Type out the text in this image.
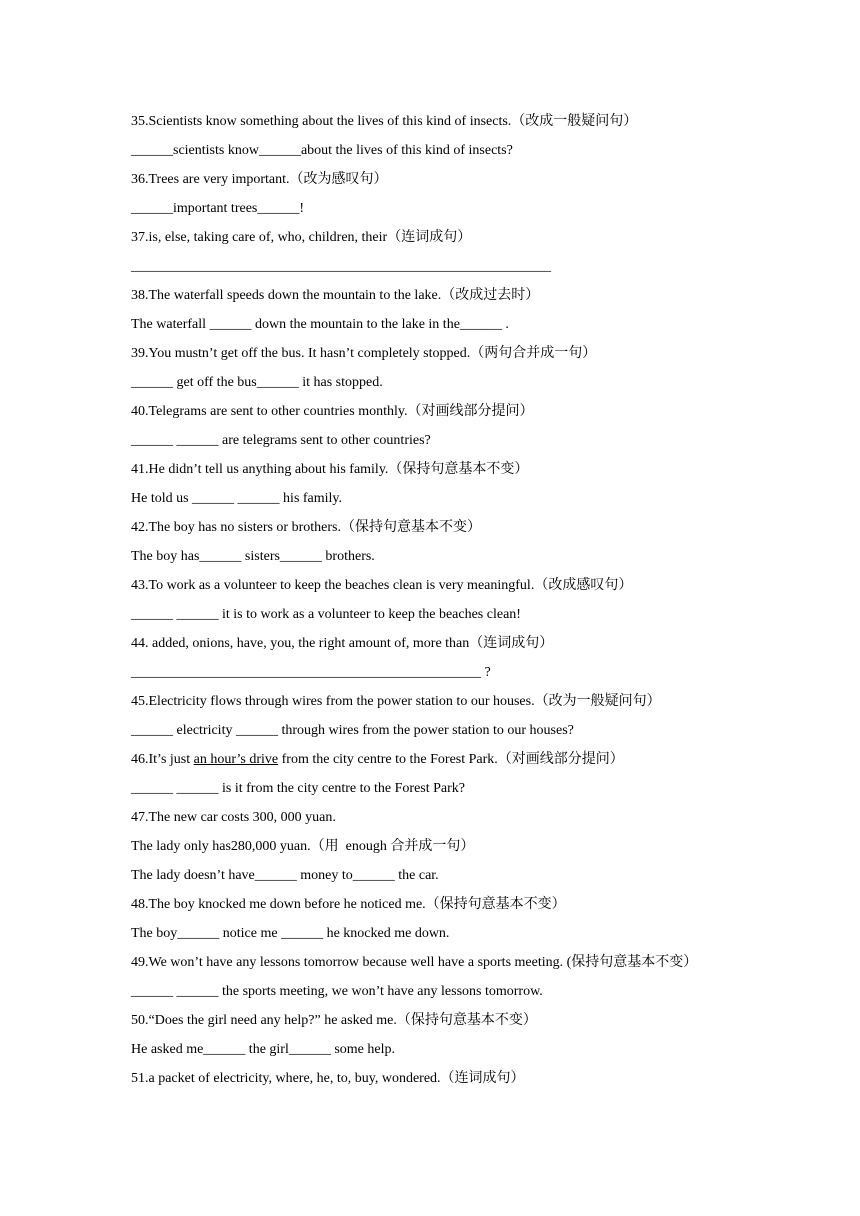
35.Scientists know something about the lives of this kind of insects.（改成一般疑问句）

______scientists know______about the lives of this kind of insects?

36.Trees are very important.（改为感叹句）

______important trees______!

37.is, else, taking care of, who, children, their（连词成句）

____________________________________________________________

38.The waterfall speeds down the mountain to the lake.（改成过去时）

The waterfall ______ down the mountain to the lake in the______ .

39.You mustn’t get off the bus. It hasn’t completely stopped.（两句合并成一句）

______ get off the bus______ it has stopped.

40.Telegrams are sent to other countries monthly.（对画线部分提问）

______ ______ are telegrams sent to other countries?

41.He didn’t tell us anything about his family.（保持句意基本不变）

He told us ______ ______ his family.

42.The boy has no sisters or brothers.（保持句意基本不变）

The boy has______ sisters______ brothers.

43.To work as a volunteer to keep the beaches clean is very meaningful.（改成感叹句）

______ ______ it is to work as a volunteer to keep the beaches clean!

44. added, onions, have, you, the right amount of, more than（连词成句）

__________________________________________________ ?

45.Electricity flows through wires from the power station to our houses.（改为一般疑问句）

______ electricity ______ through wires from the power station to our houses?

46.It’s just an hour’s drive from the city centre to the Forest Park.（对画线部分提问）

______ ______ is it from the city centre to the Forest Park?

47.The new car costs 300, 000 yuan.

The lady only has280,000 yuan.（用  enough 合并成一句）

The lady doesn’t have______ money to______ the car.

48.The boy knocked me down before he noticed me.（保持句意基本不变）

The boy______ notice me ______ he knocked me down.

49.We won’t have any lessons tomorrow because well have a sports meeting. (保持句意基本不变）

______ ______ the sports meeting, we won’t have any lessons tomorrow.

50.“Does the girl need any help?” he asked me.（保持句意基本不变）

He asked me______ the girl______ some help.

51.a packet of electricity, where, he, to, buy, wondered.（连词成句）
